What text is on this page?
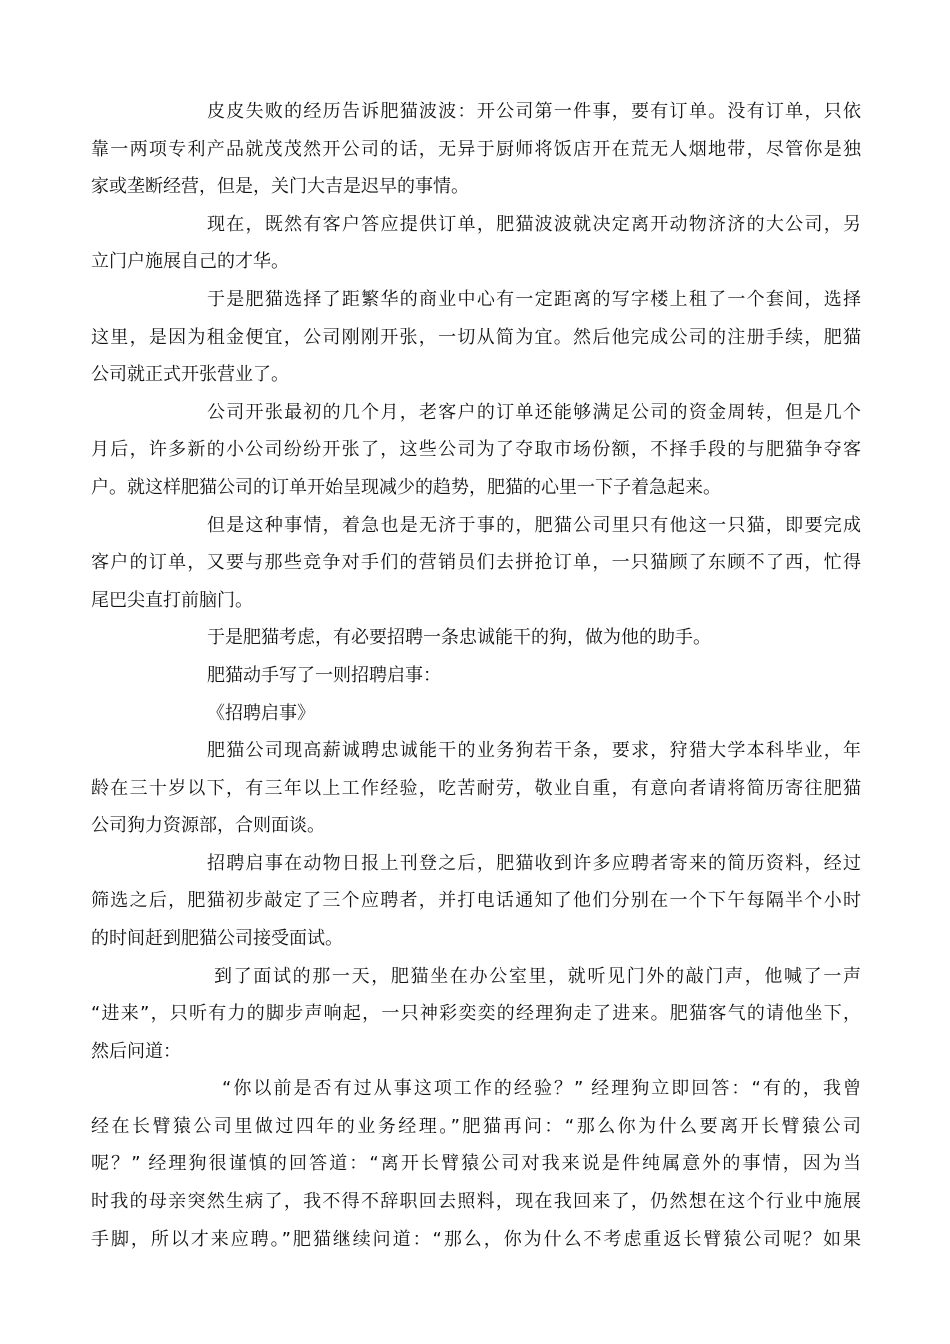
皮皮失败的经历告诉肥猫波波：开公司第一件事，要有订单。没有订单，只依
靠一两项专利产品就茂茂然开公司的话，无异于厨师将饭店开在荒无人烟地带，尽管你是独
家或垄断经营，但是，关门大吉是迟早的事情。
现在，既然有客户答应提供订单，肥猫波波就决定离开动物济济的大公司，另
立门户施展自己的才华。
于是肥猫选择了距繁华的商业中心有一定距离的写字楼上租了一个套间，选择
这里，是因为租金便宜，公司刚刚开张，一切从简为宜。然后他完成公司的注册手续，肥猫
公司就正式开张营业了。
公司开张最初的几个月，老客户的订单还能够满足公司的资金周转，但是几个
月后，许多新的小公司纷纷开张了，这些公司为了夺取市场份额，不择手段的与肥猫争夺客
户。就这样肥猫公司的订单开始呈现减少的趋势，肥猫的心里一下子着急起来。
但是这种事情，着急也是无济于事的，肥猫公司里只有他这一只猫，即要完成
客户的订单，又要与那些竞争对手们的营销员们去拼抢订单，一只猫顾了东顾不了西，忙得
尾巴尖直打前脑门。
于是肥猫考虑，有必要招聘一条忠诚能干的狗，做为他的助手。
肥猫动手写了一则招聘启事：
《招聘启事》
肥猫公司现高薪诚聘忠诚能干的业务狗若干条，要求，狩猎大学本科毕业，年
龄在三十岁以下，有三年以上工作经验，吃苦耐劳，敬业自重，有意向者请将简历寄往肥猫
公司狗力资源部，合则面谈。
招聘启事在动物日报上刊登之后，肥猫收到许多应聘者寄来的简历资料，经过
筛选之后，肥猫初步敲定了三个应聘者，并打电话通知了他们分别在一个下午每隔半个小时
的时间赶到肥猫公司接受面试。
到了面试的那一天，肥猫坐在办公室里，就听见门外的敲门声，他喊了一声
“进来”，只听有力的脚步声响起，一只神彩奕奕的经理狗走了进来。肥猫客气的请他坐下，
然后问道：
“你以前是否有过从事这项工作的经验？” 经理狗立即回答：“有的，我曾
经在长臂猿公司里做过四年的业务经理。”肥猫再问：“那么你为什么要离开长臂猿公司
呢？” 经理狗很谨慎的回答道：“离开长臂猿公司对我来说是件纯属意外的事情，因为当
时我的母亲突然生病了，我不得不辞职回去照料，现在我回来了，仍然想在这个行业中施展
手脚，所以才来应聘。”肥猫继续问道：“那么，你为什么不考虑重返长臂猿公司呢？如果
